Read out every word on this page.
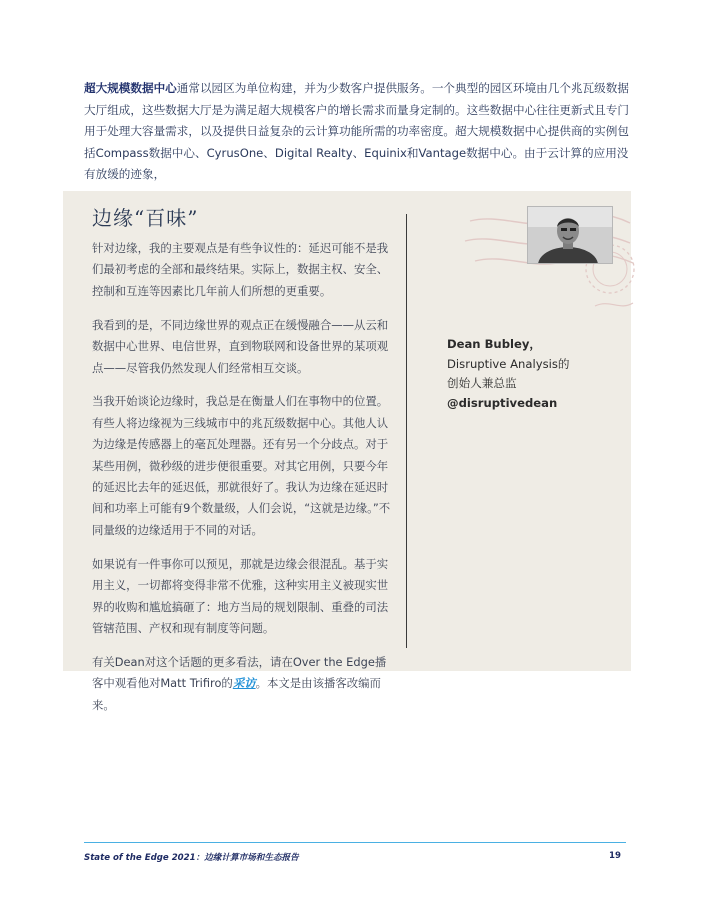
超大规模数据中心通常以园区为单位构建，并为少数客户提供服务。一个典型的园区环境由几个兆瓦级数据大厅组成，这些数据大厅是为满足超大规模客户的增长需求而量身定制的。这些数据中心往往更新式且专门用于处理大容量需求，以及提供日益复杂的云计算功能所需的功率密度。超大规模数据中心提供商的实例包括Compass数据中心、CyrusOne、Digital Realty、Equinix和Vantage数据中心。由于云计算的应用没有放缓的迹象，
边缘“百味”

针对边缘，我的主要观点是有些争议性的：延迟可能不是我们最初考虑的全部和最终结果。实际上，数据主权、安全、控制和互连等因素比几年前人们所想的更重要。

我看到的是，不同边缘世界的观点正在缓慢融合——从云和数据中心世界、电信世界，直到物联网和设备世界的某项观点——尽管我仍然发现人们经常相互交谈。

当我开始谈论边缘时，我总是在衡量人们在事物中的位置。有些人将边缘视为三线城市中的兆瓦级数据中心。其他人认为边缘是传感器上的毫瓦处理器。还有另一个分歧点。对于某些用例，微秒级的进步便很重要。对其它用例，只要今年的延迟比去年的延迟低，那就很好了。我认为边缘在延迟时间和功率上可能有9个数量级，人们会说，“这就是边缘。”不同量级的边缘适用于不同的对话。

如果说有一件事你可以预见，那就是边缘会很混乱。基于实用主义，一切都将变得非常不优雅，这种实用主义被现实世界的收购和尴尬搞砸了：地方当局的规划限制、重叠的司法管辖范围、产权和现有制度等问题。

有关Dean对这个话题的更多看法，请在Over the Edge播客中观看他对Matt Trifiro的采访。本文是由该播客改编而来。

Dean Bubley，
Disruptive Analysis的
创始人兼总监
@disruptivedean
State of the Edge 2021：边缘计算市场和生态报告	19
